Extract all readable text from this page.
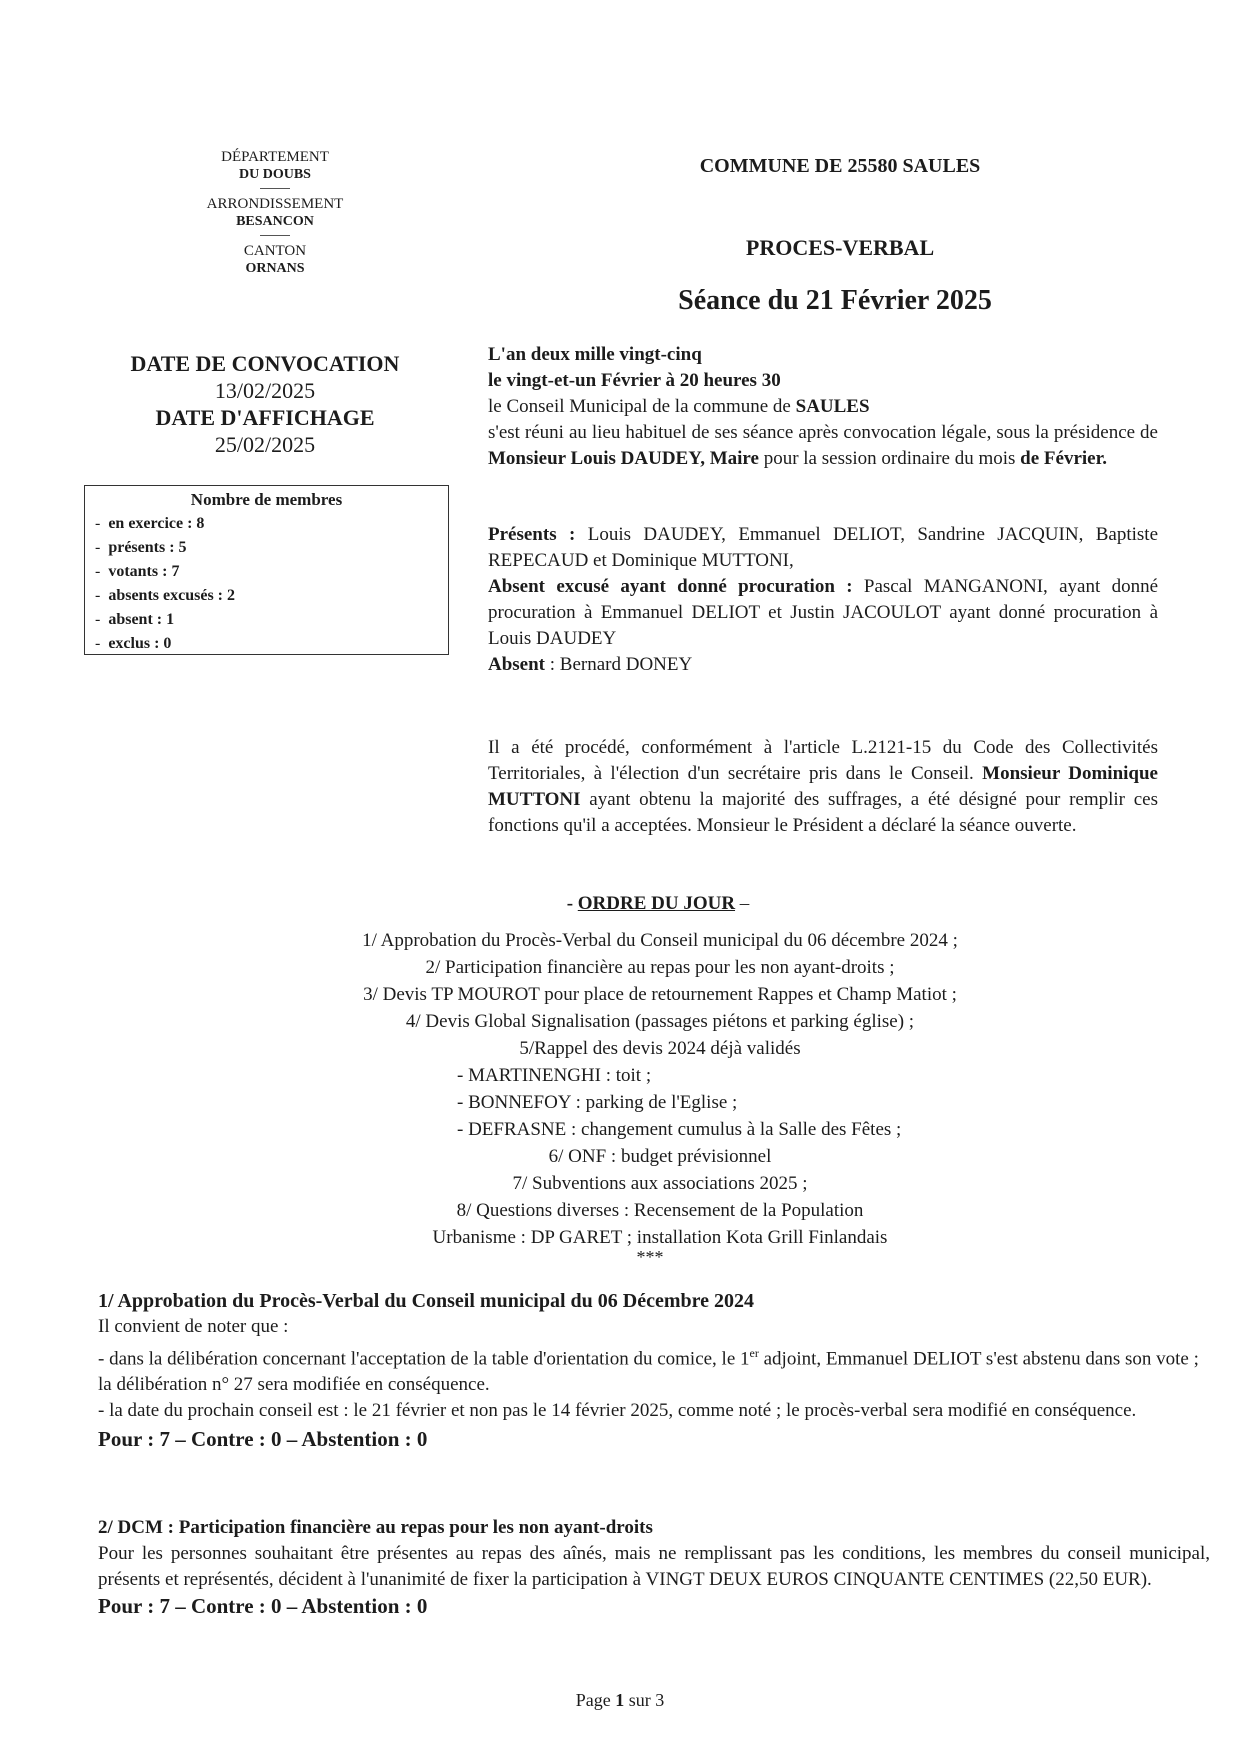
DÉPARTEMENT
DU DOUBS
ARRONDISSEMENT
BESANCON
CANTON
ORNANS
DATE DE CONVOCATION
13/02/2025
DATE D'AFFICHAGE
25/02/2025
Nombre de membres
- en exercice : 8
- présents : 5
- votants : 7
- absents excusés : 2
- absent : 1
- exclus : 0
COMMUNE DE 25580 SAULES
PROCES-VERBAL
Séance du 21 Février 2025
L'an deux mille vingt-cinq
le vingt-et-un Février à 20 heures 30
le Conseil Municipal de la commune de SAULES
s'est réuni au lieu habituel de ses séance après convocation légale, sous la présidence de Monsieur Louis DAUDEY, Maire pour la session ordinaire du mois de Février.
Présents : Louis DAUDEY, Emmanuel DELIOT, Sandrine JACQUIN, Baptiste REPECAUD et Dominique MUTTONI,
Absent excusé ayant donné procuration : Pascal MANGANONI, ayant donné procuration à Emmanuel DELIOT et Justin JACOULOT ayant donné procuration à Louis DAUDEY
Absent : Bernard DONEY
Il a été procédé, conformément à l'article L.2121-15 du Code des Collectivités Territoriales, à l'élection d'un secrétaire pris dans le Conseil. Monsieur Dominique MUTTONI ayant obtenu la majorité des suffrages, a été désigné pour remplir ces fonctions qu'il a acceptées. Monsieur le Président a déclaré la séance ouverte.
- ORDRE DU JOUR –
1/ Approbation du Procès-Verbal du Conseil municipal du 06 décembre 2024 ;
2/ Participation financière au repas pour les non ayant-droits ;
3/ Devis TP MOUROT pour place de retournement Rappes et Champ Matiot ;
4/ Devis Global Signalisation (passages piétons et parking église) ;
5/Rappel des devis 2024 déjà validés
- MARTINENGHI : toit ;
- BONNEFOY : parking de l'Eglise ;
- DEFRASNE : changement cumulus à la Salle des Fêtes ;
6/ ONF : budget prévisionnel
7/ Subventions aux associations 2025 ;
8/ Questions diverses : Recensement de la Population
Urbanisme : DP GARET ; installation Kota Grill Finlandais
***
1/ Approbation du Procès-Verbal du Conseil municipal du 06 Décembre 2024
Il convient de noter que :
- dans la délibération concernant l'acceptation de la table d'orientation du comice, le 1er adjoint, Emmanuel DELIOT s'est abstenu dans son vote ; la délibération n° 27 sera modifiée en conséquence.
- la date du prochain conseil est : le 21 février et non pas le 14 février 2025, comme noté ; le procès-verbal sera modifié en conséquence.
Pour : 7 – Contre : 0 – Abstention : 0
2/ DCM : Participation financière au repas pour les non ayant-droits
Pour les personnes souhaitant être présentes au repas des aînés, mais ne remplissant pas les conditions, les membres du conseil municipal, présents et représentés, décident à l'unanimité de fixer la participation à VINGT DEUX EUROS CINQUANTE CENTIMES (22,50 EUR).
Pour : 7 – Contre : 0 – Abstention : 0
Page 1 sur 3
